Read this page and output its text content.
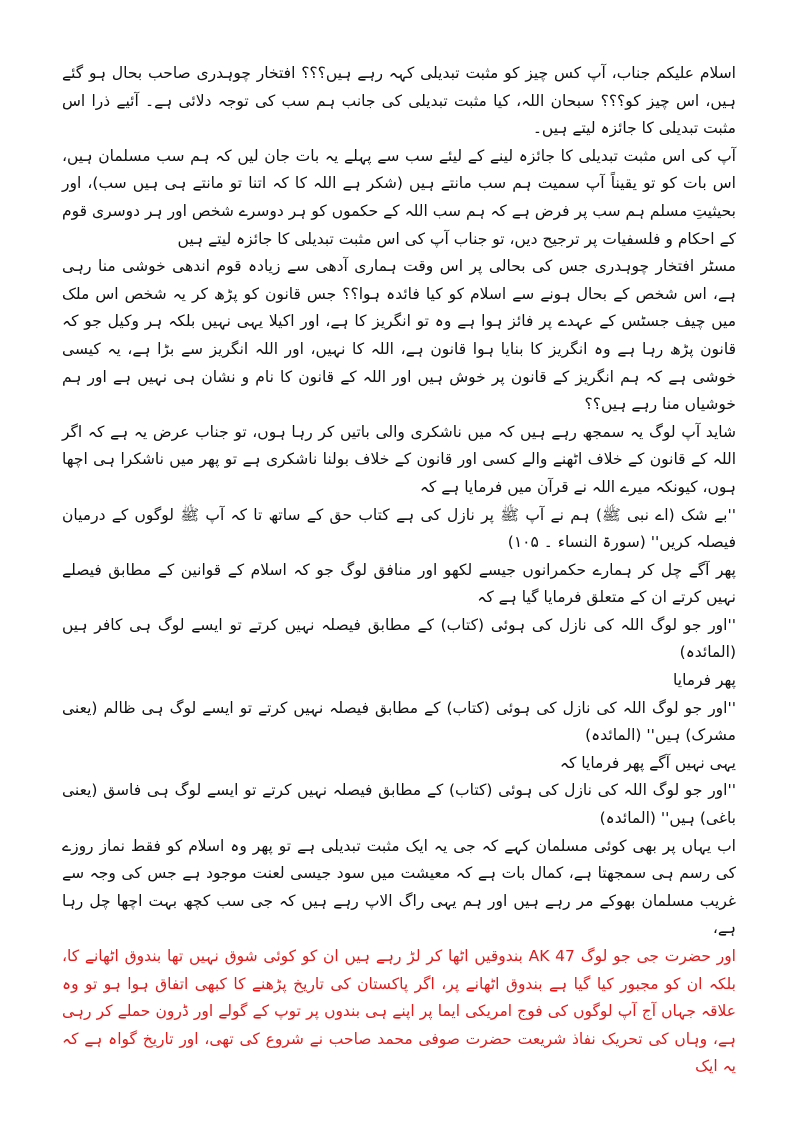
اسلام علیکم جناب، آپ کس چیز کو مثبت تبدیلی کہہ رہے ہیں؟؟؟ افتخار چوہدری صاحب بحال ہو گئے ہیں، اس چیز کو؟؟؟ سبحان اللہ، کیا مثبت تبدیلی کی جانب ہم سب کی توجہ دلائی ہے۔ آئیے ذرا اس مثبت تبدیلی کا جائزہ لیتے ہیں۔

آپ کی اس مثبت تبدیلی کا جائزہ لینے کے لیئے سب سے پہلے یہ بات جان لیں کہ ہم سب مسلمان ہیں، اس بات کو تو یقیناً آپ سمیت ہم سب مانتے ہیں (شکر ہے اللہ کا کہ اتنا تو مانتے ہی ہیں سب)، اور بحیثیتِ مسلم ہم سب پر فرض ہے کہ ہم سب اللہ کے حکموں کو ہر دوسرے شخص اور ہر دوسری قوم کے احکام و فلسفیات پر ترجیح دیں، تو جناب آپ کی اس مثبت تبدیلی کا جائزہ لیتے ہیں

مسٹر افتخار چوہدری جس کی بحالی پر اس وقت ہماری آدھی سے زیادہ قوم اندھی خوشی منا رہی ہے، اس شخص کے بحال ہونے سے اسلام کو کیا فائدہ ہوا؟؟ جس قانون کو پڑھ کر یہ شخص اس ملک میں چیف جسٹس کے عہدے پر فائز ہوا ہے وہ تو انگریز کا ہے، اور اکیلا یہی نہیں بلکہ ہر وکیل جو کہ قانون پڑھ رہا ہے وہ انگریز کا بنایا ہوا قانون ہے، اللہ کا نہیں، اور اللہ انگریز سے بڑا ہے، یہ کیسی خوشی ہے کہ ہم انگریز کے قانون پر خوش ہیں اور اللہ کے قانون کا نام و نشان ہی نہیں ہے اور ہم خوشیاں منا رہے ہیں؟؟

شاید آپ لوگ یہ سمجھ رہے ہیں کہ میں ناشکری والی باتیں کر رہا ہوں، تو جناب عرض یہ ہے کہ اگر اللہ کے قانون کے خلاف اٹھنے والے کسی اور قانون کے خلاف بولنا ناشکری ہے تو پھر میں ناشکرا ہی اچھا ہوں، کیونکہ میرے اللہ نے قرآن میں فرمایا ہے کہ

''بے شک (اے نبی ﷺ) ہم نے آپ ﷺ پر نازل کی ہے کتاب حق کے ساتھ تا کہ آپ ﷺ لوگوں کے درمیان فیصلہ کریں'' (سورۃ النساء ۔ ۱۰۵)

پھر آگے چل کر ہمارے حکمرانوں جیسے لکھو اور منافق لوگ جو کہ اسلام کے قوانین کے مطابق فیصلے نہیں کرتے ان کے متعلق فرمایا گیا ہے کہ

''اور جو لوگ اللہ کی نازل کی ہوئی (کتاب) کے مطابق فیصلہ نہیں کرتے تو ایسے لوگ ہی کافر ہیں (المائدہ)

پھر فرمایا

''اور جو لوگ اللہ کی نازل کی ہوئی (کتاب) کے مطابق فیصلہ نہیں کرتے تو ایسے لوگ ہی ظالم (یعنی مشرک) ہیں'' (المائدہ)

یہی نہیں آگے پھر فرمایا کہ

''اور جو لوگ اللہ کی نازل کی ہوئی (کتاب) کے مطابق فیصلہ نہیں کرتے تو ایسے لوگ ہی فاسق (یعنی باغی) ہیں'' (المائدہ)

اب یہاں پر بھی کوئی مسلمان کہے کہ جی یہ ایک مثبت تبدیلی ہے تو پھر وہ اسلام کو فقط نماز روزے کی رسم ہی سمجھتا ہے، کمال بات ہے کہ معیشت میں سود جیسی لعنت موجود ہے جس کی وجہ سے غریب مسلمان بھوکے مر رہے ہیں اور ہم یہی راگ الاپ رہے ہیں کہ جی سب کچھ بہت اچھا چل رہا ہے،

اور حضرت جی جو لوگ AK 47 بندوقیں اٹھا کر لڑ رہے ہیں ان کو کوئی شوق نہیں تھا بندوق اٹھانے کا، بلکہ ان کو مجبور کیا گیا ہے بندوق اٹھانے پر، اگر پاکستان کی تاریخ پڑھنے کا کبھی اتفاق ہوا ہو تو وہ علاقہ جہاں آج آپ لوگوں کی فوج امریکی ایما پر اپنے ہی بندوں پر توپ کے گولے اور ڈرون حملے کر رہی ہے، وہاں کی تحریک نفاذ شریعت حضرت صوفی محمد صاحب نے شروع کی تھی، اور تاریخ گواہ ہے کہ یہ ایک
